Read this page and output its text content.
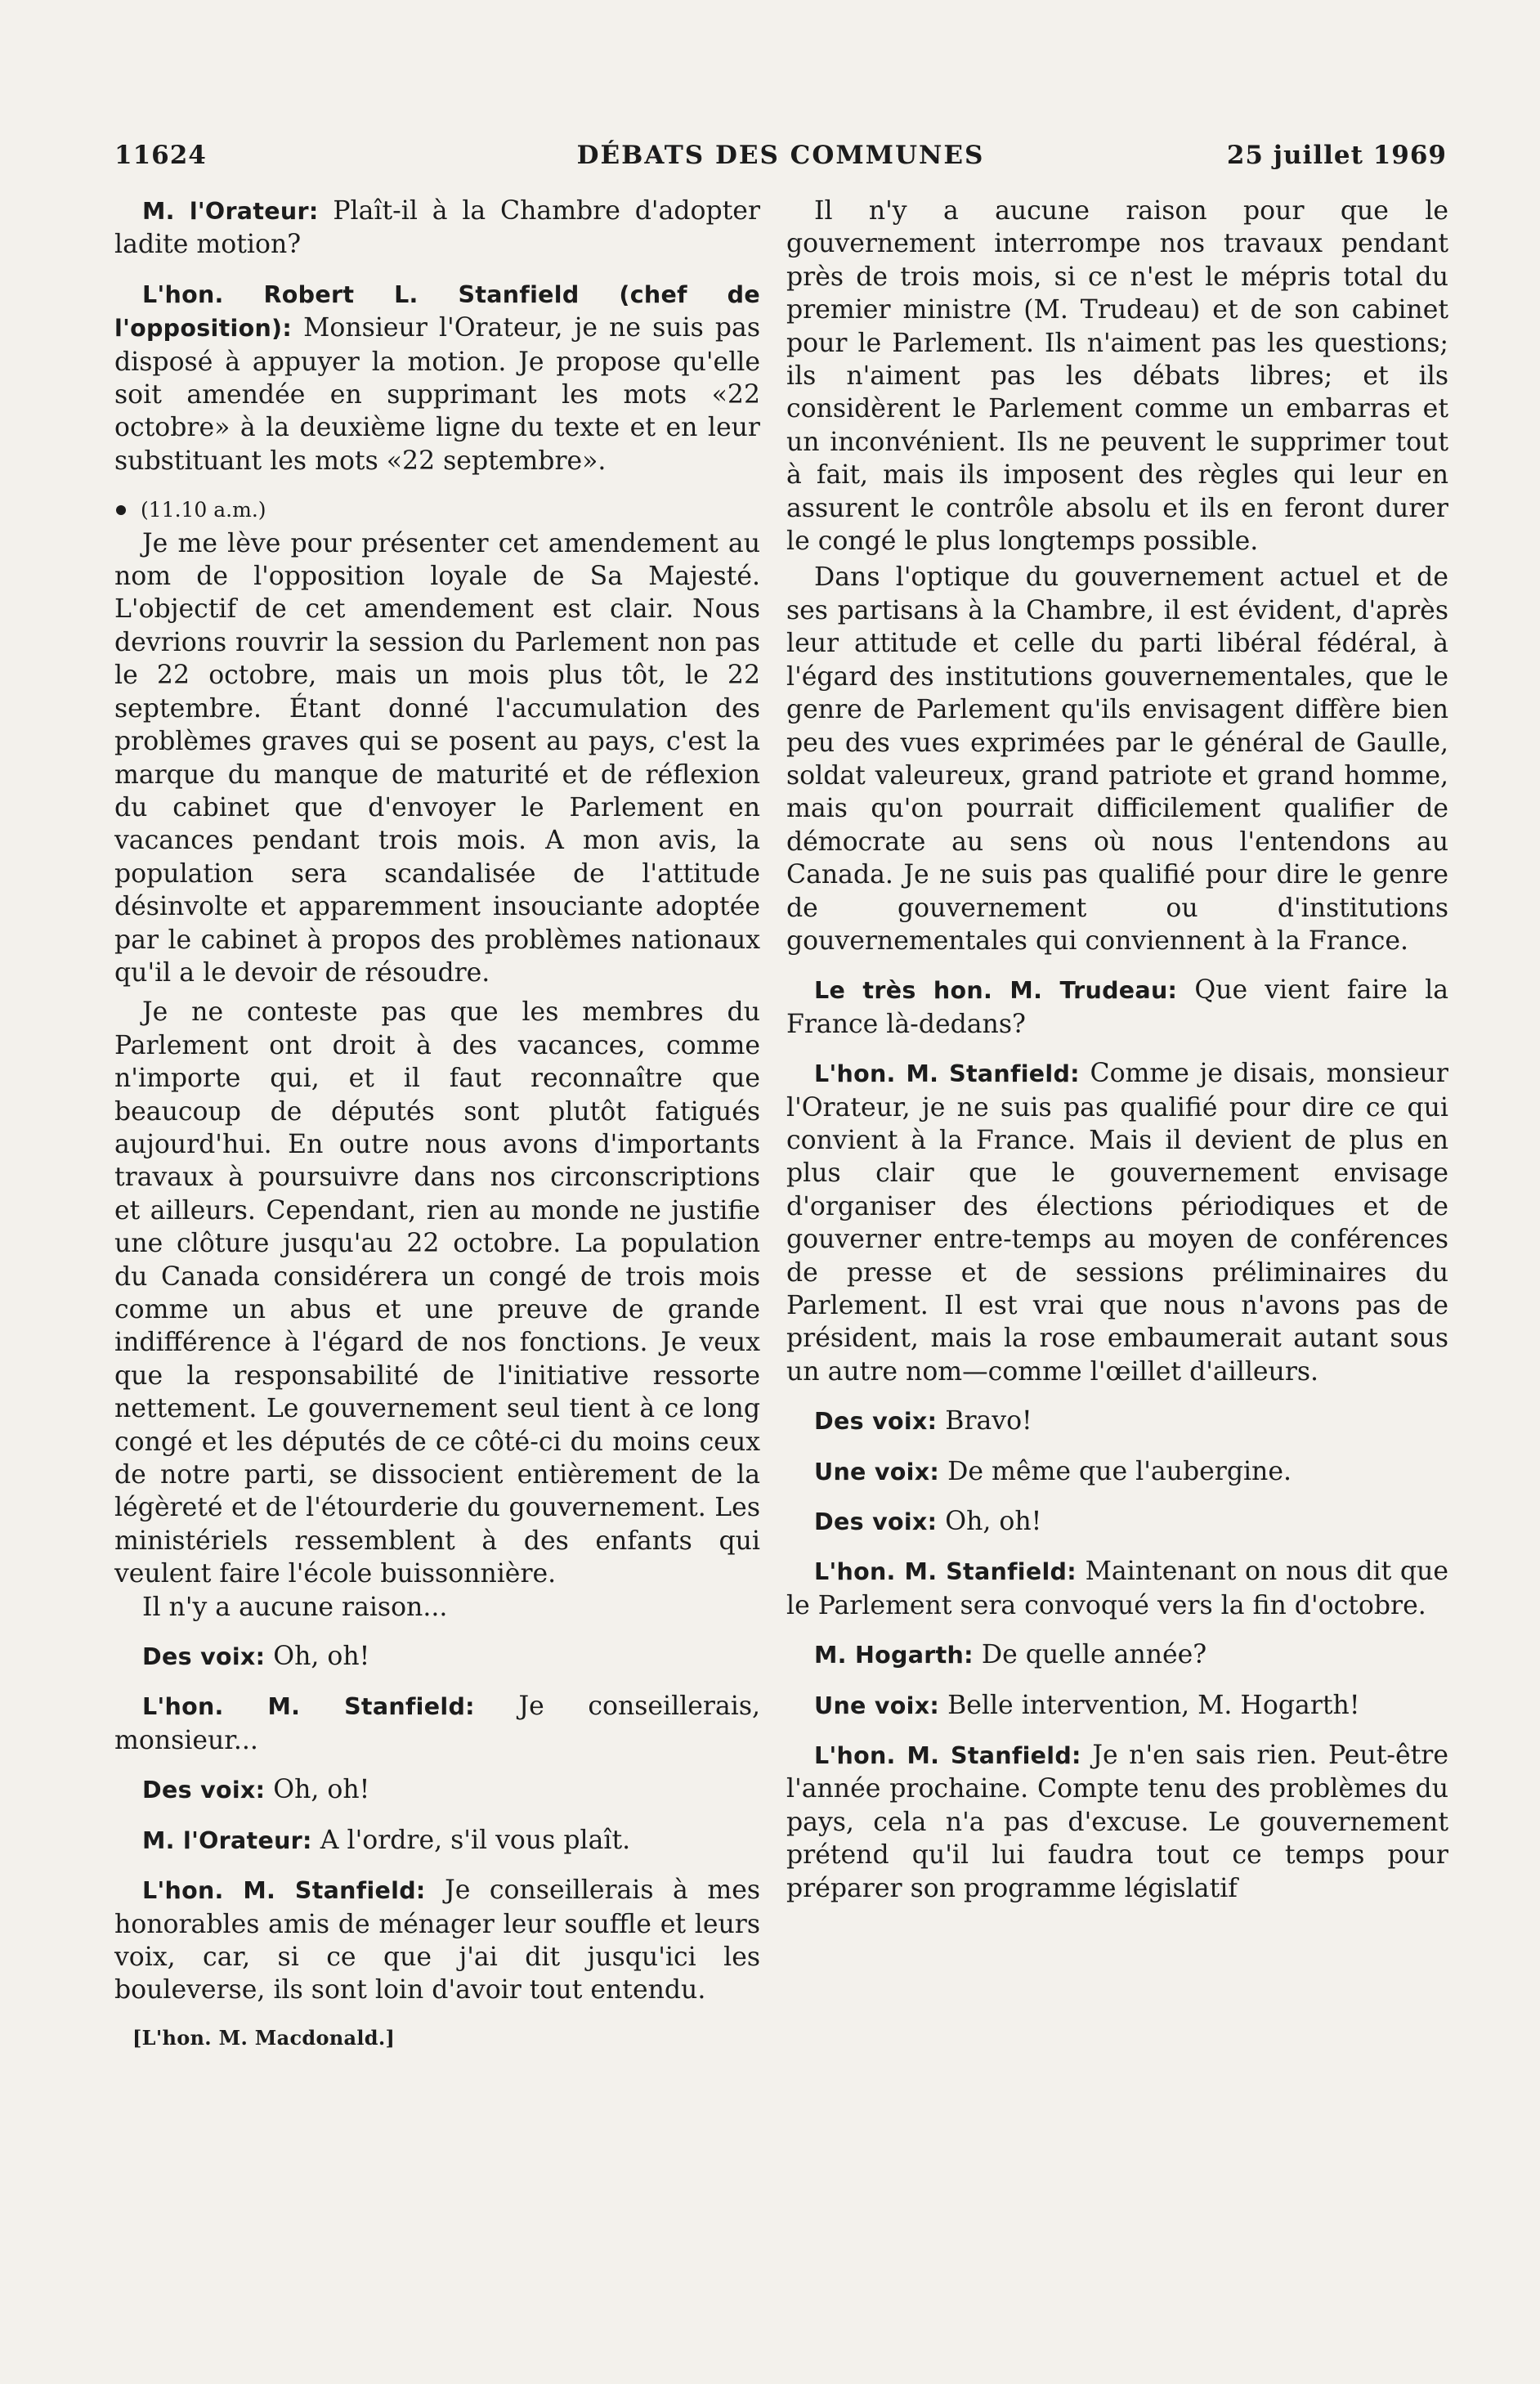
11624	DÉBATS DES COMMUNES	25 juillet 1969

M. l'Orateur: Plaît-il à la Chambre d'adopter ladite motion?

L'hon. Robert L. Stanfield (chef de l'opposition): Monsieur l'Orateur, je ne suis pas disposé à appuyer la motion. Je propose qu'elle soit amendée en supprimant les mots «22 octobre» à la deuxième ligne du texte et en leur substituant les mots «22 septembre».

(11.10 a.m.)

Je me lève pour présenter cet amendement au nom de l'opposition loyale de Sa Majesté. L'objectif de cet amendement est clair. Nous devrions rouvrir la session du Parlement non pas le 22 octobre, mais un mois plus tôt, le 22 septembre. Étant donné l'accumulation des problèmes graves qui se posent au pays, c'est la marque du manque de maturité et de réflexion du cabinet que d'envoyer le Parlement en vacances pendant trois mois. A mon avis, la population sera scandalisée de l'attitude désinvolte et apparemment insouciante adoptée par le cabinet à propos des problèmes nationaux qu'il a le devoir de résoudre.

Je ne conteste pas que les membres du Parlement ont droit à des vacances, comme n'importe qui, et il faut reconnaître que beaucoup de députés sont plutôt fatigués aujourd'hui. En outre nous avons d'importants travaux à poursuivre dans nos circonscriptions et ailleurs. Cependant, rien au monde ne justifie une clôture jusqu'au 22 octobre. La population du Canada considérera un congé de trois mois comme un abus et une preuve de grande indifférence à l'égard de nos fonctions. Je veux que la responsabilité de l'initiative ressorte nettement. Le gouvernement seul tient à ce long congé et les députés de ce côté-ci du moins ceux de notre parti, se dissocient entièrement de la légèreté et de l'étourderie du gouvernement. Les ministériels ressemblent à des enfants qui veulent faire l'école buissonnière.

Il n'y a aucune raison...

Des voix: Oh, oh!

L'hon. M. Stanfield: Je conseillerais, monsieur...

Des voix: Oh, oh!

M. l'Orateur: A l'ordre, s'il vous plaît.

L'hon. M. Stanfield: Je conseillerais à mes honorables amis de ménager leur souffle et leurs voix, car, si ce que j'ai dit jusqu'ici les bouleverse, ils sont loin d'avoir tout entendu.

[L'hon. M. Macdonald.]

Il n'y a aucune raison pour que le gouvernement interrompe nos travaux pendant près de trois mois, si ce n'est le mépris total du premier ministre (M. Trudeau) et de son cabinet pour le Parlement. Ils n'aiment pas les questions; ils n'aiment pas les débats libres; et ils considèrent le Parlement comme un embarras et un inconvénient. Ils ne peuvent le supprimer tout à fait, mais ils imposent des règles qui leur en assurent le contrôle absolu et ils en feront durer le congé le plus longtemps possible.

Dans l'optique du gouvernement actuel et de ses partisans à la Chambre, il est évident, d'après leur attitude et celle du parti libéral fédéral, à l'égard des institutions gouvernementales, que le genre de Parlement qu'ils envisagent diffère bien peu des vues exprimées par le général de Gaulle, soldat valeureux, grand patriote et grand homme, mais qu'on pourrait difficilement qualifier de démocrate au sens où nous l'entendons au Canada. Je ne suis pas qualifié pour dire le genre de gouvernement ou d'institutions gouvernementales qui conviennent à la France.

Le très hon. M. Trudeau: Que vient faire la France là-dedans?

L'hon. M. Stanfield: Comme je disais, monsieur l'Orateur, je ne suis pas qualifié pour dire ce qui convient à la France. Mais il devient de plus en plus clair que le gouvernement envisage d'organiser des élections périodiques et de gouverner entre-temps au moyen de conférences de presse et de sessions préliminaires du Parlement. Il est vrai que nous n'avons pas de président, mais la rose embaumerait autant sous un autre nom—comme l'œillet d'ailleurs.

Des voix: Bravo!

Une voix: De même que l'aubergine.

Des voix: Oh, oh!

L'hon. M. Stanfield: Maintenant on nous dit que le Parlement sera convoqué vers la fin d'octobre.

M. Hogarth: De quelle année?

Une voix: Belle intervention, M. Hogarth!

L'hon. M. Stanfield: Je n'en sais rien. Peut-être l'année prochaine. Compte tenu des problèmes du pays, cela n'a pas d'excuse. Le gouvernement prétend qu'il lui faudra tout ce temps pour préparer son programme législatif
